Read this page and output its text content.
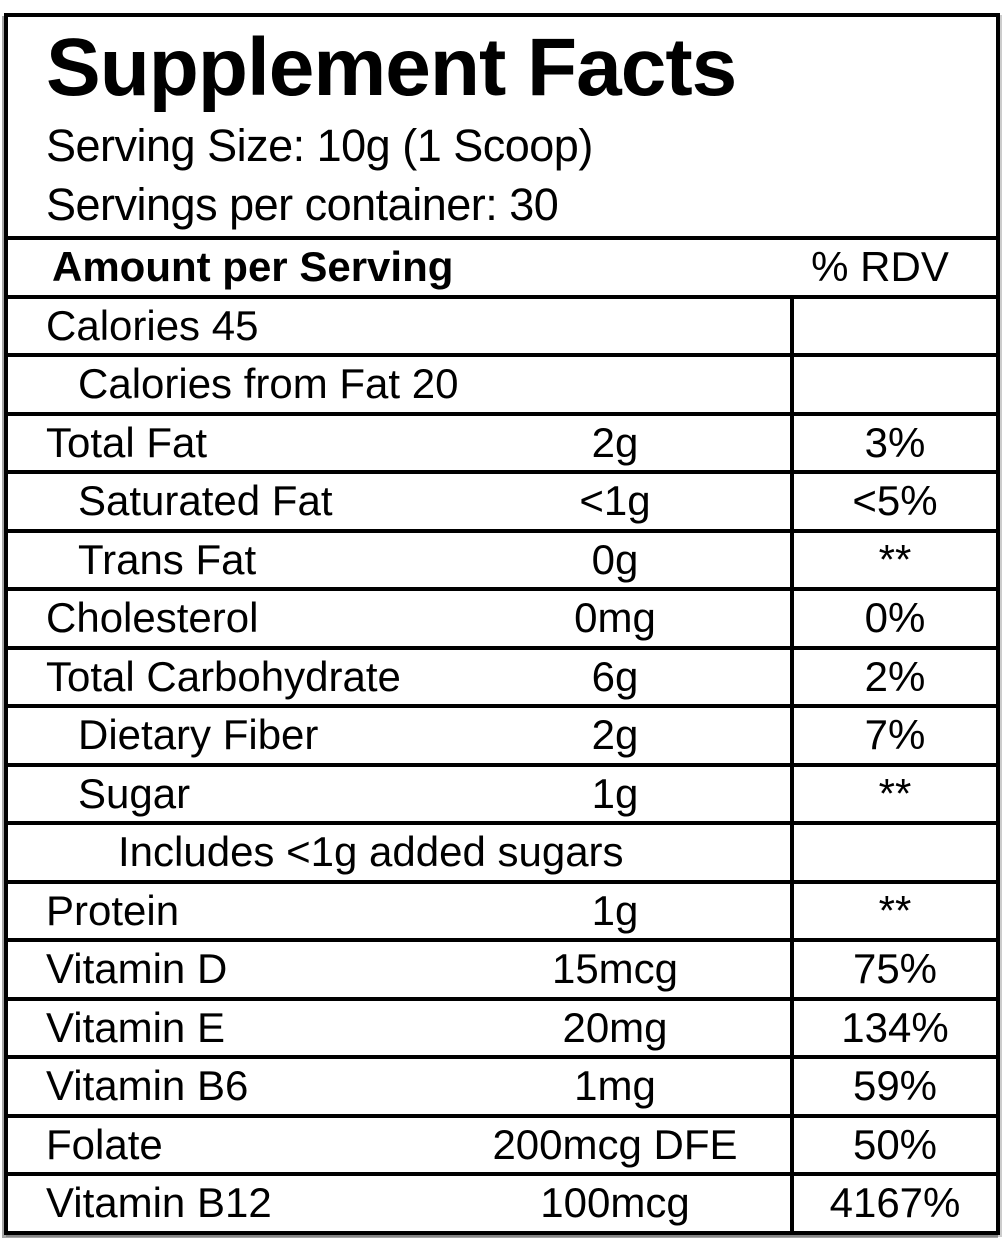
Supplement Facts
Serving Size: 10g (1 Scoop)
Servings per container: 30
Amount per Serving	% RDV
Calories 45
Calories from Fat 20
Total Fat	2g	3%
Saturated Fat	<1g	<5%
Trans Fat	0g	**
Cholesterol	0mg	0%
Total Carbohydrate	6g	2%
Dietary Fiber	2g	7%
Sugar	1g	**
Includes <1g added sugars
Protein	1g	**
Vitamin D	15mcg	75%
Vitamin E	20mg	134%
Vitamin B6	1mg	59%
Folate	200mcg DFE	50%
Vitamin B12	100mcg	4167%
